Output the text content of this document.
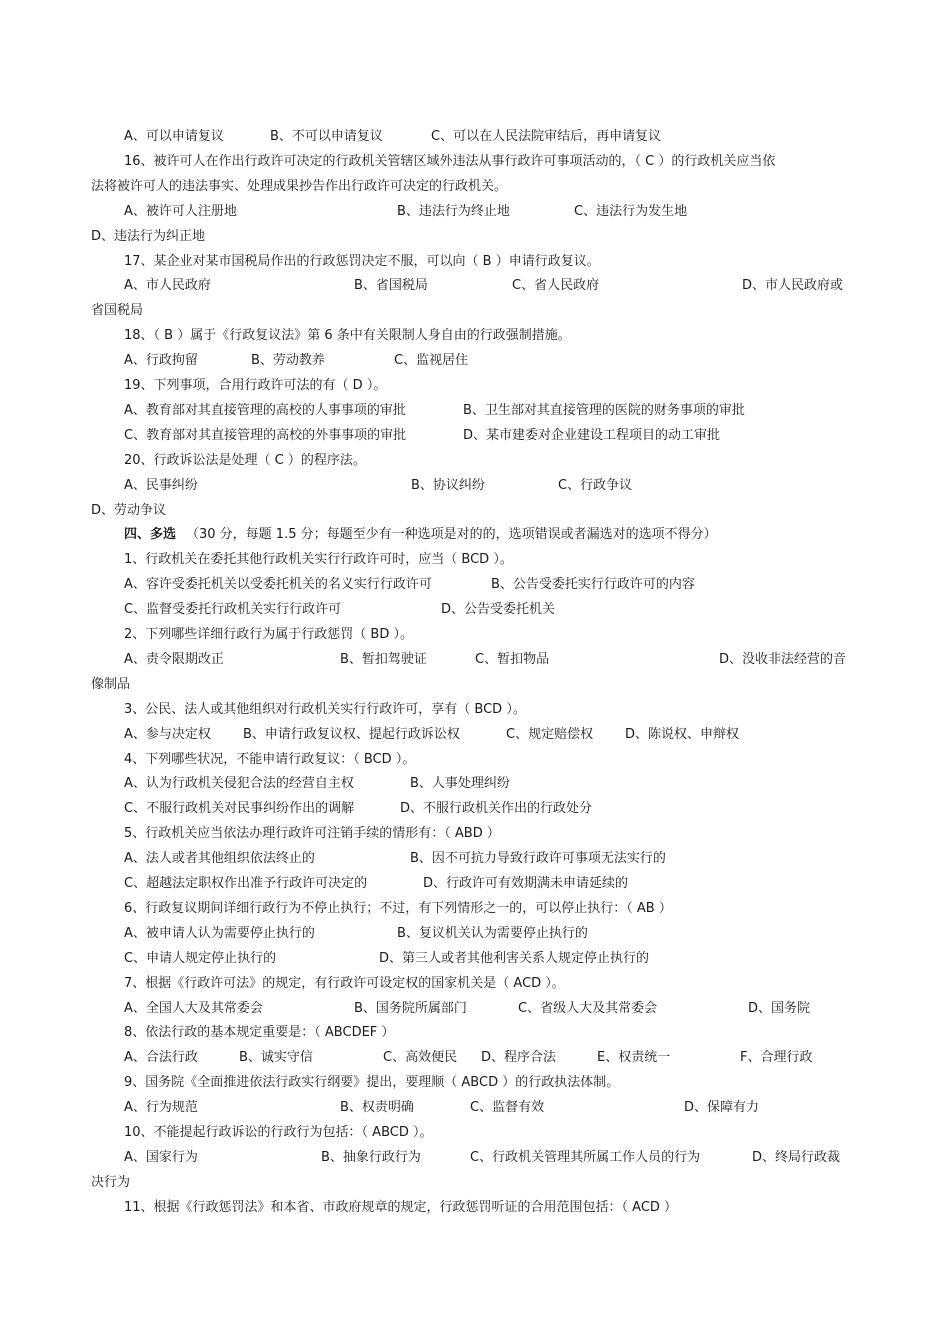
A、可以申请复议	B、不可以申请复议	C、可以在人民法院审结后，再申请复议
16、被许可人在作出行政许可决定的行政机关管辖区域外违法从事行政许可事项活动的，（ C ）的行政机关应当依
法将被许可人的违法事实、处理成果抄告作出行政许可决定的行政机关。
A、被许可人注册地	B、违法行为终止地	C、违法行为发生地
D、违法行为纠正地
17、某企业对某市国税局作出的行政惩罚决定不服，可以向（ B ）申请行政复议。
A、市人民政府	B、省国税局	C、省人民政府	D、市人民政府或
省国税局
18、（ B ）属于《行政复议法》第 6 条中有关限制人身自由的行政强制措施。
A、行政拘留	B、劳动教养	C、监视居住
19、下列事项，合用行政许可法的有（ D ）。
A、教育部对其直接管理的高校的人事事项的审批	B、卫生部对其直接管理的医院的财务事项的审批
C、教育部对其直接管理的高校的外事事项的审批	D、某市建委对企业建设工程项目的动工审批
20、行政诉讼法是处理（ C ）的程序法。
A、民事纠纷	B、协议纠纷	C、行政争议
D、劳动争议
四、多选 （30 分，每题 1.5 分；每题至少有一种选项是对的的，选项错误或者漏选对的选项不得分）
1、行政机关在委托其他行政机关实行行政许可时，应当（ BCD ）。
A、容许受委托机关以受委托机关的名义实行行政许可	B、公告受委托实行行政许可的内容
C、监督受委托行政机关实行行政许可	D、公告受委托机关
2、下列哪些详细行政行为属于行政惩罚（ BD ）。
A、责令限期改正	B、暂扣驾驶证	C、暂扣物品	D、没收非法经营的音
像制品
3、公民、法人或其他组织对行政机关实行行政许可，享有（ BCD ）。
A、参与决定权 B、申请行政复议权、提起行政诉讼权	C、规定赔偿权 D、陈说权、申辩权
4、下列哪些状况，不能申请行政复议：（ BCD ）。
A、认为行政机关侵犯合法的经营自主权	B、人事处理纠纷
C、不服行政机关对民事纠纷作出的调解	D、不服行政机关作出的行政处分
5、行政机关应当依法办理行政许可注销手续的情形有：（ ABD ）
A、法人或者其他组织依法终止的	B、因不可抗力导致行政许可事项无法实行的
C、超越法定职权作出准予行政许可决定的	D、行政许可有效期满未申请延续的
6、行政复议期间详细行政行为不停止执行；不过，有下列情形之一的，可以停止执行：（ AB ）
A、被申请人认为需要停止执行的	B、复议机关认为需要停止执行的
C、申请人规定停止执行的	D、第三人或者其他利害关系人规定停止执行的
7、根据《行政许可法》的规定，有行政许可设定权的国家机关是（ ACD ）。
A、全国人大及其常委会	B、国务院所属部门	C、省级人大及其常委会	D、国务院
8、依法行政的基本规定重要是：（ ABCDEF ）
A、合法行政	B、诚实守信	C、高效便民 D、程序合法	E、权责统一	F、合理行政
9、国务院《全面推进依法行政实行纲要》提出，要理顺（ ABCD ）的行政执法体制。
A、行为规范	B、权责明确	C、监督有效	D、保障有力
10、不能提起行政诉讼的行政行为包括：（ ABCD ）。
A、国家行为	B、抽象行政行为	C、行政机关管理其所属工作人员的行为	D、终局行政裁
决行为
11、根据《行政惩罚法》和本省、市政府规章的规定，行政惩罚听证的合用范围包括：（ ACD ）
